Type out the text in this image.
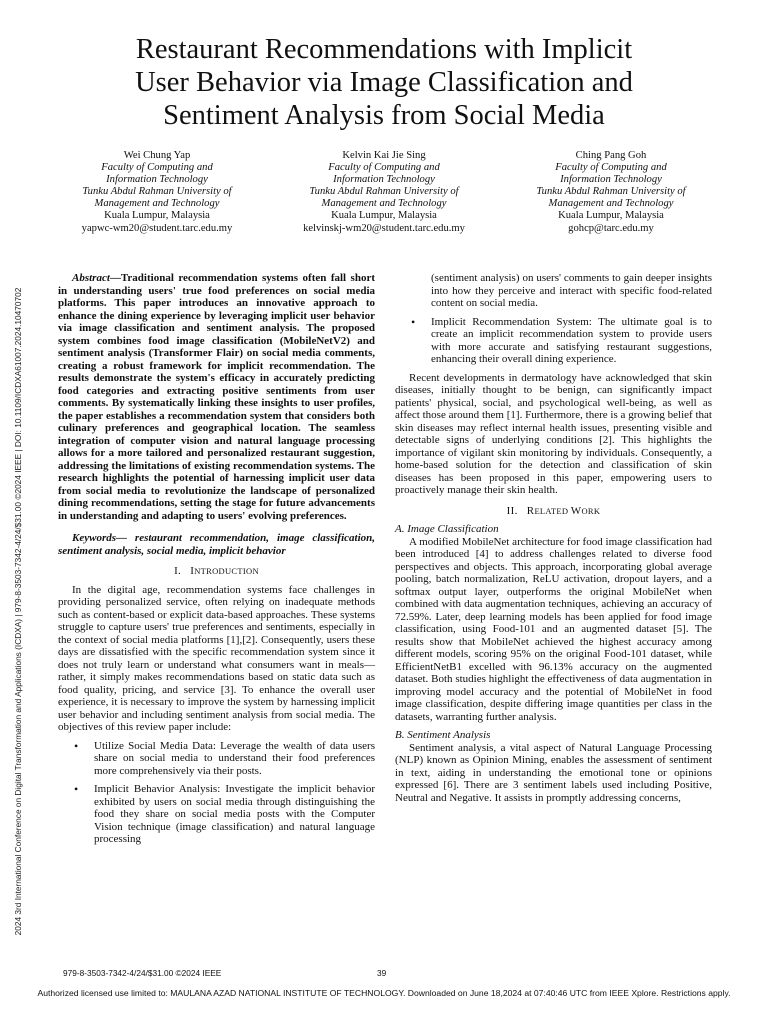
Restaurant Recommendations with Implicit
User Behavior via Image Classification and
Sentiment Analysis from Social Media
Wei Chung Yap
Faculty of Computing and
Information Technology
Tunku Abdul Rahman University of
Management and Technology
Kuala Lumpur, Malaysia
yapwc-wm20@student.tarc.edu.my
Kelvin Kai Jie Sing
Faculty of Computing and
Information Technology
Tunku Abdul Rahman University of
Management and Technology
Kuala Lumpur, Malaysia
kelvinskj-wm20@student.tarc.edu.my
Ching Pang Goh
Faculty of Computing and
Information Technology
Tunku Abdul Rahman University of
Management and Technology
Kuala Lumpur, Malaysia
gohcp@tarc.edu.my
2024 3rd International Conference on Digital Transformation and Applications (ICDXA) | 979-8-3503-7342-4/24/$31.00 ©2024 IEEE | DOI: 10.1109/ICDXA61007.2024.10470702

Abstract—Traditional recommendation systems often fall short in understanding users' true food preferences on social media platforms. This paper introduces an innovative approach to enhance the dining experience by leveraging implicit user behavior via image classification and sentiment analysis. The proposed system combines food image classification (MobileNetV2) and sentiment analysis (Transformer Flair) on social media comments, creating a robust framework for implicit recommendation. The results demonstrate the system's efficacy in accurately predicting food categories and extracting positive sentiments from user comments. By systematically linking these insights to user profiles, the paper establishes a recommendation system that considers both culinary preferences and geographical location. The seamless integration of computer vision and natural language processing allows for a more tailored and personalized restaurant suggestion, addressing the limitations of existing recommendation systems. The research highlights the potential of harnessing implicit user data from social media to revolutionize the landscape of personalized dining recommendations, setting the stage for future advancements in understanding and adapting to users' evolving preferences.

Keywords— restaurant recommendation, image classification, sentiment analysis, social media, implicit behavior

I. INTRODUCTION

In the digital age, recommendation systems face challenges in providing personalized service, often relying on inadequate methods such as content-based or explicit data-based approaches. These systems struggle to capture users' true preferences and sentiments, especially in the context of social media platforms [1],[2]. Consequently, users these days are dissatisfied with the specific recommendation system since it does not truly learn or understand what consumers want in meals—rather, it simply makes recommendations based on static data such as food quality, pricing, and service [3]. To enhance the overall user experience, it is necessary to improve the system by harnessing implicit user behavior and including sentiment analysis from social media. The objectives of this review paper include:

• Utilize Social Media Data: Leverage the wealth of data users share on social media to understand their food preferences more comprehensively via their posts.
• Implicit Behavior Analysis: Investigate the implicit behavior exhibited by users on social media through distinguishing the food they share on social media posts with the Computer Vision technique (image classification) and natural language processing
(sentiment analysis) on users' comments to gain deeper insights into how they perceive and interact with specific food-related content on social media.
• Implicit Recommendation System: The ultimate goal is to create an implicit recommendation system to provide users with more accurate and satisfying restaurant suggestions, enhancing their overall dining experience.

Recent developments in dermatology have acknowledged that skin diseases, initially thought to be benign, can significantly impact patients' physical, social, and psychological well-being, as well as affect those around them [1]. Furthermore, there is a growing belief that skin diseases may reflect internal health issues, presenting visible and detectable signs of underlying conditions [2]. This highlights the importance of vigilant skin monitoring by individuals. Consequently, a home-based solution for the detection and classification of skin diseases has been proposed in this paper, empowering users to proactively manage their skin health.

II. RELATED WORK

A. Image Classification

A modified MobileNet architecture for food image classification had been introduced [4] to address challenges related to diverse food perspectives and objects. This approach, incorporating global average pooling, batch normalization, ReLU activation, dropout layers, and a softmax output layer, outperforms the original MobileNet when combined with data augmentation techniques, achieving an accuracy of 72.59%. Later, deep learning models has been applied for food image classification, using Food-101 and an augmented dataset [5]. The results show that MobileNet achieved the highest accuracy among different models, scoring 95% on the original Food-101 dataset, while EfficientNetB1 excelled with 96.13% accuracy on the augmented dataset. Both studies highlight the effectiveness of data augmentation in improving model accuracy and the potential of MobileNet in food image classification, despite differing image quantities per class in the datasets, warranting further analysis.

B. Sentiment Analysis

Sentiment analysis, a vital aspect of Natural Language Processing (NLP) known as Opinion Mining, enables the assessment of sentiment in text, aiding in understanding the emotional tone or opinions expressed [6]. There are 3 sentiment labels used including Positive, Neutral and Negative. It assists in promptly addressing concerns,

979-8-3503-7342-4/24/$31.00 ©2024 IEEE	39
Authorized licensed use limited to: MAULANA AZAD NATIONAL INSTITUTE OF TECHNOLOGY. Downloaded on June 18,2024 at 07:40:46 UTC from IEEE Xplore. Restrictions apply.
